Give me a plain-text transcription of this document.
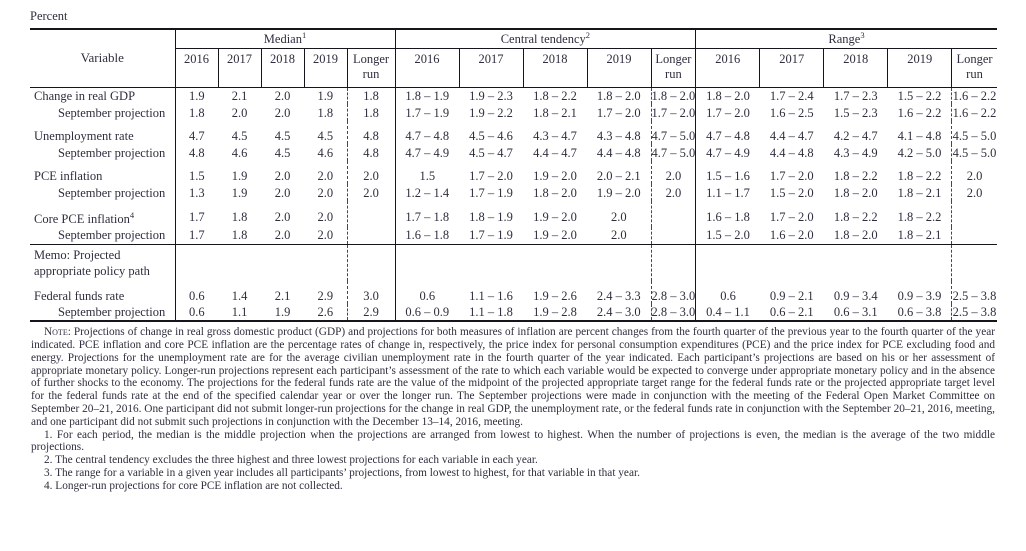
Percent
Variable	Median$^1$					Central tendency$^2$					Range$^3$
	2016	2017	2018	2019	Longer run	2016	2017	2018	2019	Longer run	2016	2017	2018	2019	Longer run
Change in real GDP	1.9	2.1	2.0	1.9	1.8	1.8 – 1.9	1.9 – 2.3	1.8 – 2.2	1.8 – 2.0	1.8 – 2.0	1.8 – 2.0	1.7 – 2.4	1.7 – 2.3	1.5 – 2.2	1.6 – 2.2
September projection	1.8	2.0	2.0	1.8	1.8	1.7 – 1.9	1.9 – 2.2	1.8 – 2.1	1.7 – 2.0	1.7 – 2.0	1.7 – 2.0	1.6 – 2.5	1.5 – 2.3	1.6 – 2.2	1.6 – 2.2
Unemployment rate	4.7	4.5	4.5	4.5	4.8	4.7 – 4.8	4.5 – 4.6	4.3 – 4.7	4.3 – 4.8	4.7 – 5.0	4.7 – 4.8	4.4 – 4.7	4.2 – 4.7	4.1 – 4.8	4.5 – 5.0
September projection	4.8	4.6	4.5	4.6	4.8	4.7 – 4.9	4.5 – 4.7	4.4 – 4.7	4.4 – 4.8	4.7 – 5.0	4.7 – 4.9	4.4 – 4.8	4.3 – 4.9	4.2 – 5.0	4.5 – 5.0
PCE inflation	1.5	1.9	2.0	2.0	2.0	1.5	1.7 – 2.0	1.9 – 2.0	2.0 – 2.1	2.0	1.5 – 1.6	1.7 – 2.0	1.8 – 2.2	1.8 – 2.2	2.0
September projection	1.3	1.9	2.0	2.0	2.0	1.2 – 1.4	1.7 – 1.9	1.8 – 2.0	1.9 – 2.0	2.0	1.1 – 1.7	1.5 – 2.0	1.8 – 2.0	1.8 – 2.1	2.0
Core PCE inflation$^4$	1.7	1.8	2.0	2.0		1.7 – 1.8	1.8 – 1.9	1.9 – 2.0	2.0		1.6 – 1.8	1.7 – 2.0	1.8 – 2.2	1.8 – 2.2	
September projection	1.7	1.8	2.0	2.0		1.6 – 1.8	1.7 – 1.9	1.9 – 2.0	2.0		1.5 – 2.0	1.6 – 2.0	1.8 – 2.0	1.8 – 2.1	

Memo: Projected
appropriate policy path															

Federal funds rate	0.6	1.4	2.1	2.9	3.0	0.6	1.1 – 1.6	1.9 – 2.6	2.4 – 3.3	2.8 – 3.0	0.6	0.9 – 2.1	0.9 – 3.4	0.9 – 3.9	2.5 – 3.8
September projection	0.6	1.1	1.9	2.6	2.9	0.6 – 0.9	1.1 – 1.8	1.9 – 2.8	2.4 – 3.0	2.8 – 3.0	0.4 – 1.1	0.6 – 2.1	0.6 – 3.1	0.6 – 3.8	2.5 – 3.8

Note: Projections of change in real gross domestic product (GDP) and projections for both measures of inflation are percent changes from the fourth quarter of the previous year to the fourth quarter of the year indicated. PCE inflation and core PCE inflation are the percentage rates of change in, respectively, the price index for personal consumption expenditures (PCE) and the price index for PCE excluding food and energy. Projections for the unemployment rate are for the average civilian unemployment rate in the fourth quarter of the year indicated. Each participant’s projections are based on his or her assessment of appropriate monetary policy. Longer-run projections represent each participant’s assessment of the rate to which each variable would be expected to converge under appropriate monetary policy and in the absence of further shocks to the economy. The projections for the federal funds rate are the value of the midpoint of the projected appropriate target range for the federal funds rate or the projected appropriate target level for the federal funds rate at the end of the specified calendar year or over the longer run. The September projections were made in conjunction with the meeting of the Federal Open Market Committee on September 20–21, 2016. One participant did not submit longer-run projections for the change in real GDP, the unemployment rate, or the federal funds rate in conjunction with the September 20–21, 2016, meeting, and one participant did not submit such projections in conjunction with the December 13–14, 2016, meeting.

1. For each period, the median is the middle projection when the projections are arranged from lowest to highest. When the number of projections is even, the median is the average of the two middle projections.

2. The central tendency excludes the three highest and three lowest projections for each variable in each year.

3. The range for a variable in a given year includes all participants’ projections, from lowest to highest, for that variable in that year.

4. Longer-run projections for core PCE inflation are not collected.
